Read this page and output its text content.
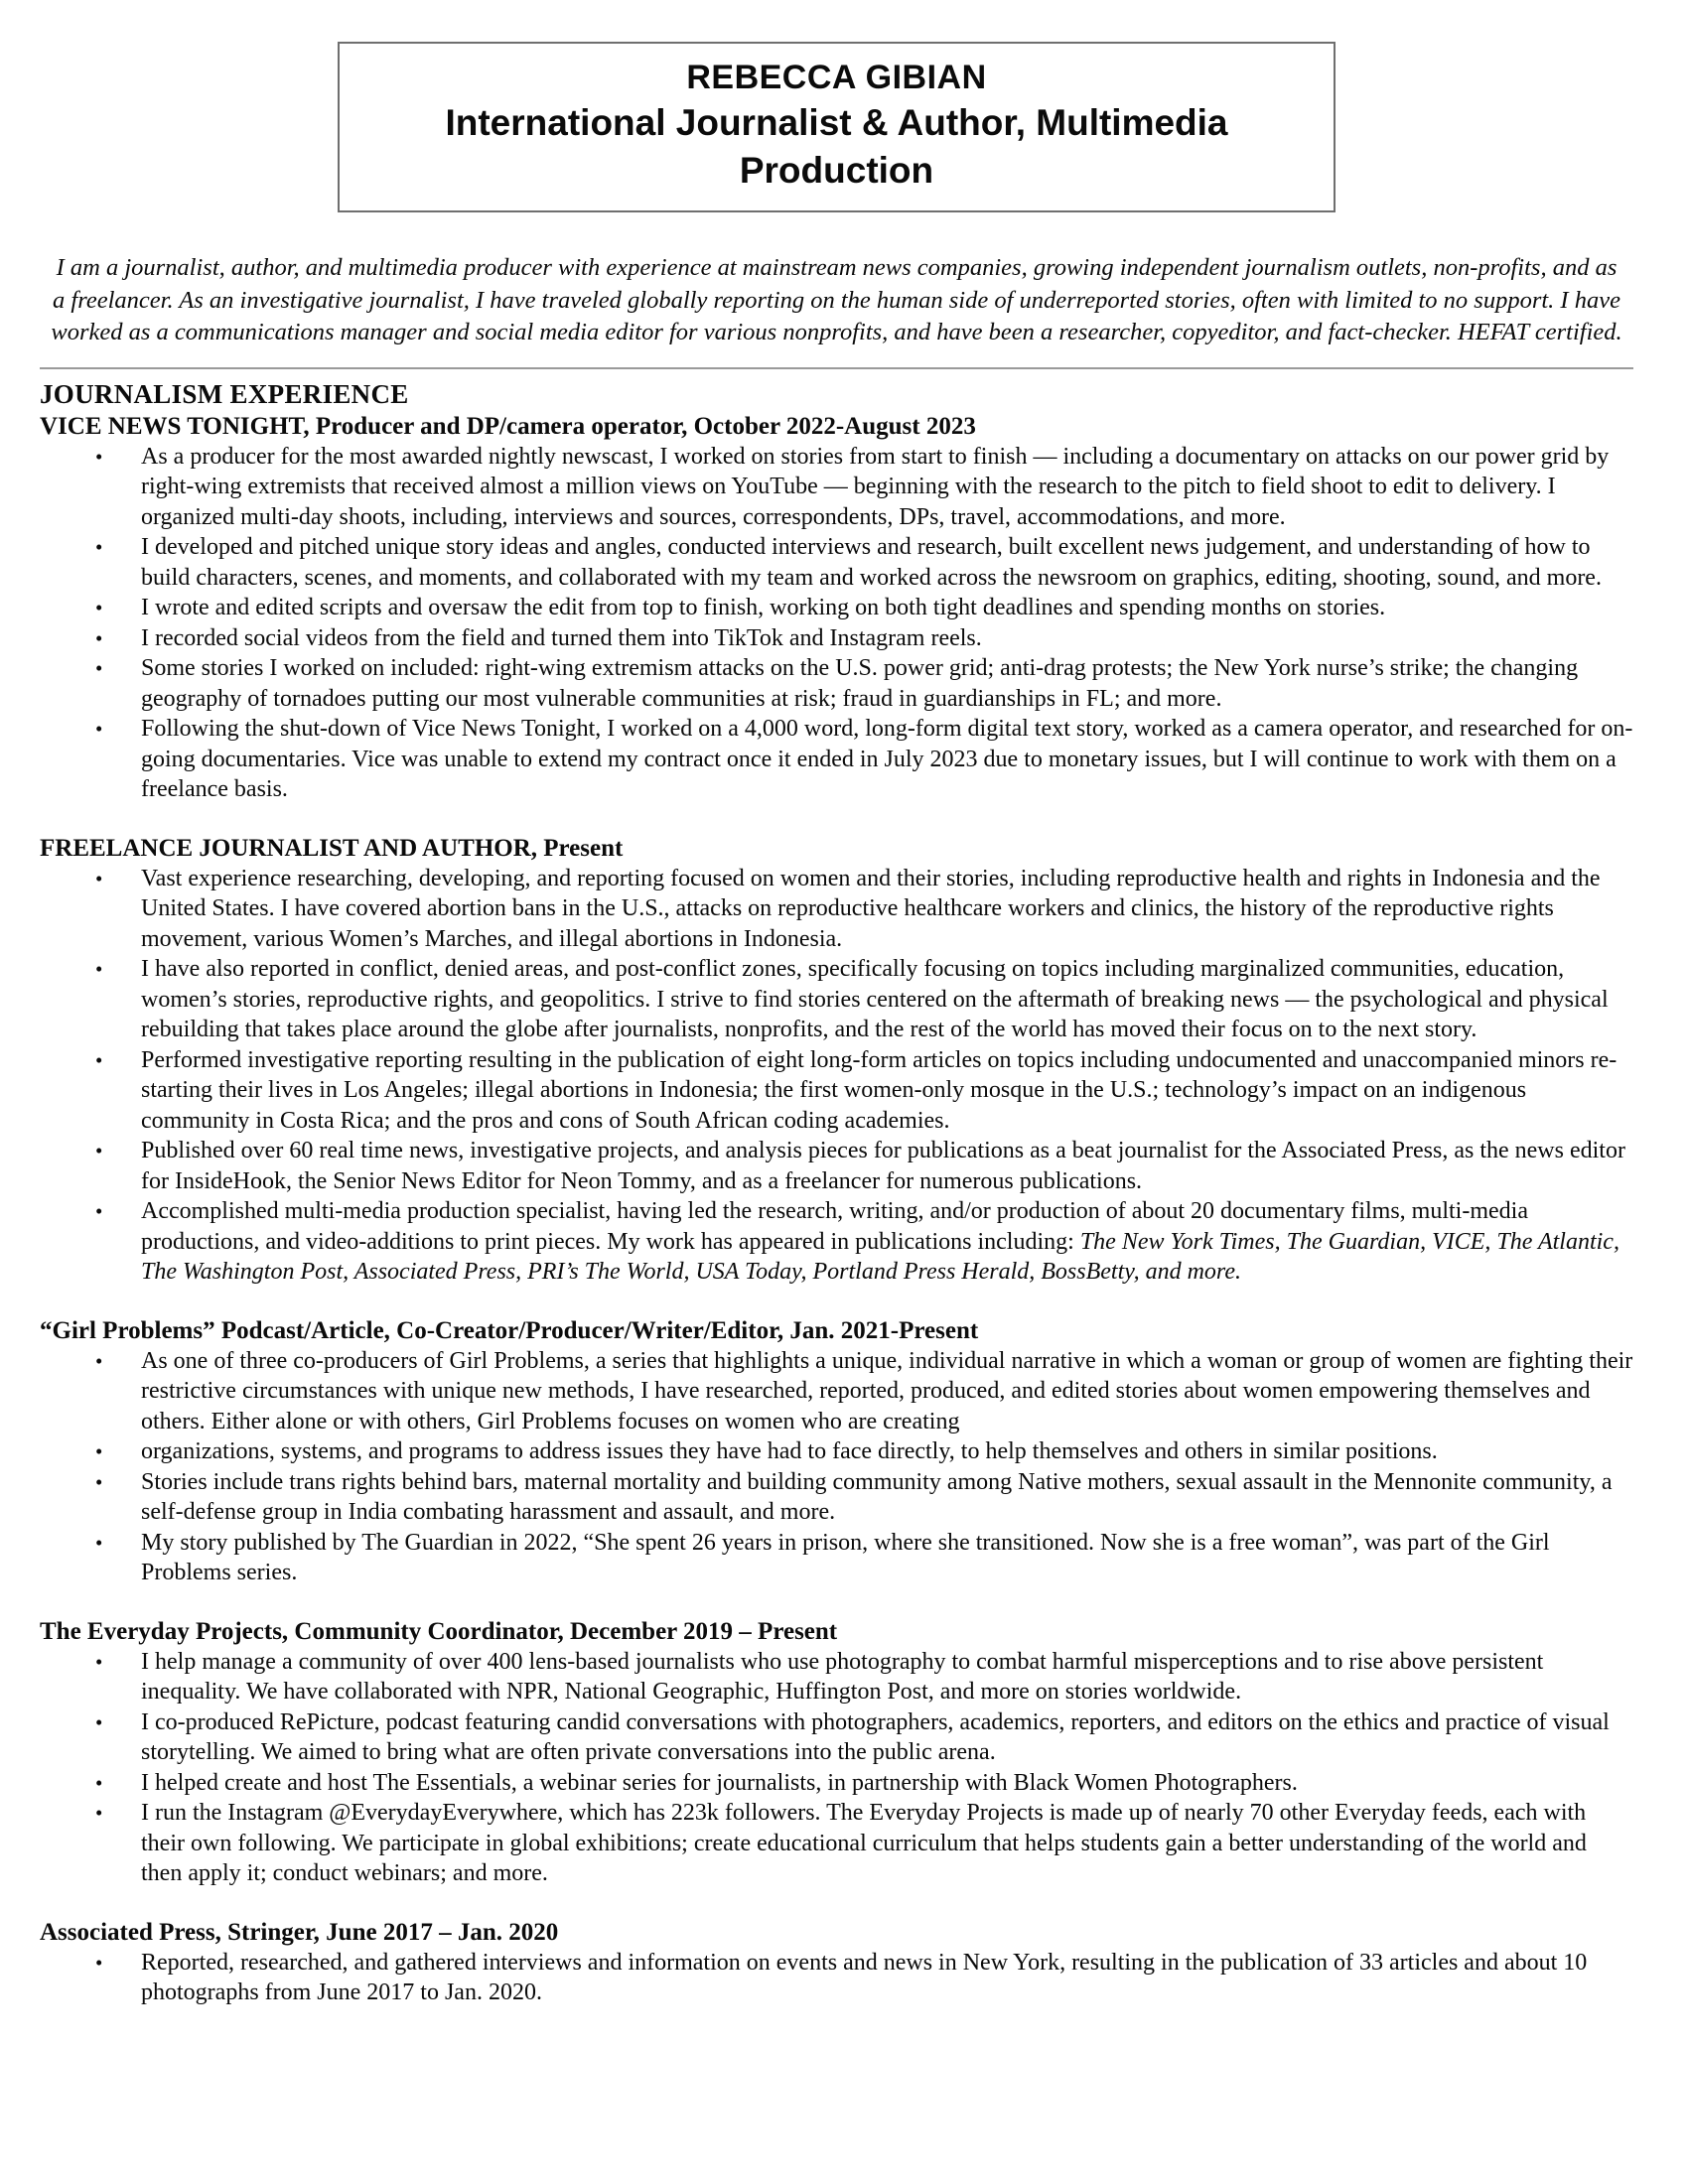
REBECCA GIBIAN
International Journalist & Author, Multimedia Production

I am a journalist, author, and multimedia producer with experience at mainstream news companies, growing independent journalism outlets, non-profits, and as a freelancer. As an investigative journalist, I have traveled globally reporting on the human side of underreported stories, often with limited to no support. I have worked as a communications manager and social media editor for various nonprofits, and have been a researcher, copyeditor, and fact-checker. HEFAT certified.

JOURNALISM EXPERIENCE
VICE NEWS TONIGHT, Producer and DP/camera operator, October 2022-August 2023
•	As a producer for the most awarded nightly newscast, I worked on stories from start to finish — including a documentary on attacks on our power grid by right-wing extremists that received almost a million views on YouTube — beginning with the research to the pitch to field shoot to edit to delivery. I organized multi-day shoots, including, interviews and sources, correspondents, DPs, travel, accommodations, and more.
•	I developed and pitched unique story ideas and angles, conducted interviews and research, built excellent news judgement, and understanding of how to build characters, scenes, and moments, and collaborated with my team and worked across the newsroom on graphics, editing, shooting, sound, and more.
•	I wrote and edited scripts and oversaw the edit from top to finish, working on both tight deadlines and spending months on stories.
•	I recorded social videos from the field and turned them into TikTok and Instagram reels.
•	Some stories I worked on included: right-wing extremism attacks on the U.S. power grid; anti-drag protests; the New York nurse’s strike; the changing geography of tornadoes putting our most vulnerable communities at risk; fraud in guardianships in FL; and more.
•	Following the shut-down of Vice News Tonight, I worked on a 4,000 word, long-form digital text story, worked as a camera operator, and researched for on-going documentaries. Vice was unable to extend my contract once it ended in July 2023 due to monetary issues, but I will continue to work with them on a freelance basis.
FREELANCE JOURNALIST AND AUTHOR, Present
•	Vast experience researching, developing, and reporting focused on women and their stories, including reproductive health and rights in Indonesia and the United States. I have covered abortion bans in the U.S., attacks on reproductive healthcare workers and clinics, the history of the reproductive rights movement, various Women’s Marches, and illegal abortions in Indonesia.
•	I have also reported in conflict, denied areas, and post-conflict zones, specifically focusing on topics including marginalized communities, education, women’s stories, reproductive rights, and geopolitics. I strive to find stories centered on the aftermath of breaking news — the psychological and physical rebuilding that takes place around the globe after journalists, nonprofits, and the rest of the world has moved their focus on to the next story.
•	Performed investigative reporting resulting in the publication of eight long-form articles on topics including undocumented and unaccompanied minors re-starting their lives in Los Angeles; illegal abortions in Indonesia; the first women-only mosque in the U.S.; technology’s impact on an indigenous community in Costa Rica; and the pros and cons of South African coding academies.
•	Published over 60 real time news, investigative projects, and analysis pieces for publications as a beat journalist for the Associated Press, as the news editor for InsideHook, the Senior News Editor for Neon Tommy, and as a freelancer for numerous publications.
•	Accomplished multi-media production specialist, having led the research, writing, and/or production of about 20 documentary films, multi-media productions, and video-additions to print pieces. My work has appeared in publications including: The New York Times, The Guardian, VICE, The Atlantic, The Washington Post, Associated Press, PRI’s The World, USA Today, Portland Press Herald, BossBetty, and more.
“Girl Problems” Podcast/Article, Co-Creator/Producer/Writer/Editor, Jan. 2021-Present
•	As one of three co-producers of Girl Problems, a series that highlights a unique, individual narrative in which a woman or group of women are fighting their restrictive circumstances with unique new methods, I have researched, reported, produced, and edited stories about women empowering themselves and others. Either alone or with others, Girl Problems focuses on women who are creating
•	organizations, systems, and programs to address issues they have had to face directly, to help themselves and others in similar positions.
•	Stories include trans rights behind bars, maternal mortality and building community among Native mothers, sexual assault in the Mennonite community, a self-defense group in India combating harassment and assault, and more.
•	My story published by The Guardian in 2022, “She spent 26 years in prison, where she transitioned. Now she is a free woman”, was part of the Girl Problems series.
The Everyday Projects, Community Coordinator, December 2019 – Present
•	I help manage a community of over 400 lens-based journalists who use photography to combat harmful misperceptions and to rise above persistent inequality. We have collaborated with NPR, National Geographic, Huffington Post, and more on stories worldwide.
•	I co-produced RePicture, podcast featuring candid conversations with photographers, academics, reporters, and editors on the ethics and practice of visual storytelling. We aimed to bring what are often private conversations into the public arena.
•	I helped create and host The Essentials, a webinar series for journalists, in partnership with Black Women Photographers.
•	I run the Instagram @EverydayEverywhere, which has 223k followers. The Everyday Projects is made up of nearly 70 other Everyday feeds, each with their own following. We participate in global exhibitions; create educational curriculum that helps students gain a better understanding of the world and then apply it; conduct webinars; and more.
Associated Press, Stringer, June 2017 – Jan. 2020
•	Reported, researched, and gathered interviews and information on events and news in New York, resulting in the publication of 33 articles and about 10 photographs from June 2017 to Jan. 2020.
